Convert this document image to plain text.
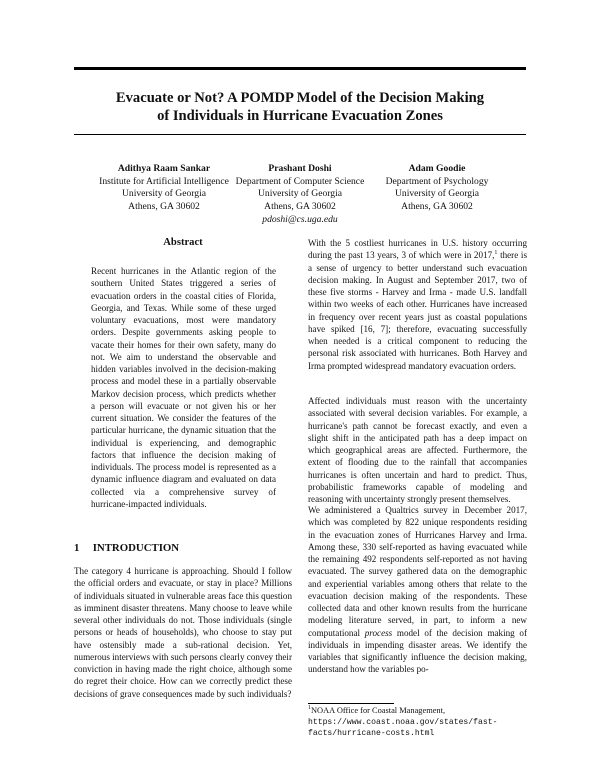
Evacuate or Not? A POMDP Model of the Decision Making
of Individuals in Hurricane Evacuation Zones
Adithya Raam Sankar
Institute for Artificial Intelligence
University of Georgia
Athens, GA 30602
Prashant Doshi
Department of Computer Science
University of Georgia
Athens, GA 30602
pdoshi@cs.uga.edu
Adam Goodie
Department of Psychology
University of Georgia
Athens, GA 30602
Abstract

Recent hurricanes in the Atlantic region of the southern United States triggered a series of evacuation orders in the coastal cities of Florida, Georgia, and Texas. While some of these urged voluntary evacuations, most were mandatory orders. Despite governments asking people to vacate their homes for their own safety, many do not. We aim to understand the observable and hidden variables involved in the decision-making process and model these in a partially observable Markov decision process, which predicts whether a person will evacuate or not given his or her current situation. We consider the features of the particular hurricane, the dynamic situation that the individual is experiencing, and demographic factors that influence the decision making of individuals. The process model is represented as a dynamic influence diagram and evaluated on data collected via a comprehensive survey of hurricane-impacted individuals.

1 INTRODUCTION

The category 4 hurricane is approaching. Should I follow the official orders and evacuate, or stay in place? Millions of individuals situated in vulnerable areas face this question as imminent disaster threatens. Many choose to leave while several other individuals do not. Those individuals (single persons or heads of households), who choose to stay put have ostensibly made a sub-rational decision. Yet, numerous interviews with such persons clearly convey their conviction in having made the right choice, although some do regret their choice. How can we correctly predict these decisions of grave consequences made by such individuals?

With the 5 costliest hurricanes in U.S. history occurring during the past 13 years, 3 of which were in 2017,$^1$ there is a sense of urgency to better understand such evacuation decision making. In August and September 2017, two of these five storms - Harvey and Irma - made U.S. landfall within two weeks of each other. Hurricanes have increased in frequency over recent years just as coastal populations have spiked [16, 7]; therefore, evacuating successfully when needed is a critical component to reducing the personal risk associated with hurricanes. Both Harvey and Irma prompted widespread mandatory evacuation orders.

Affected individuals must reason with the uncertainty associated with several decision variables. For example, a hurricane's path cannot be forecast exactly, and even a slight shift in the anticipated path has a deep impact on which geographical areas are affected. Furthermore, the extent of flooding due to the rainfall that accompanies hurricanes is often uncertain and hard to predict. Thus, probabilistic frameworks capable of modeling and reasoning with uncertainty strongly present themselves.

We administered a Qualtrics survey in December 2017, which was completed by 822 unique respondents residing in the evacuation zones of Hurricanes Harvey and Irma. Among these, 330 self-reported as having evacuated while the remaining 492 respondents self-reported as not having evacuated. The survey gathered data on the demographic and experiential variables among others that relate to the evacuation decision making of the respondents. These collected data and other known results from the hurricane modeling literature served, in part, to inform a new computational process model of the decision making of individuals in impending disaster areas. We identify the variables that significantly influence the decision making, understand how the variables po-

$^1$NOAA Office for Coastal Management, https://www.coast.noaa.gov/states/fast-facts/hurricane-costs.html
